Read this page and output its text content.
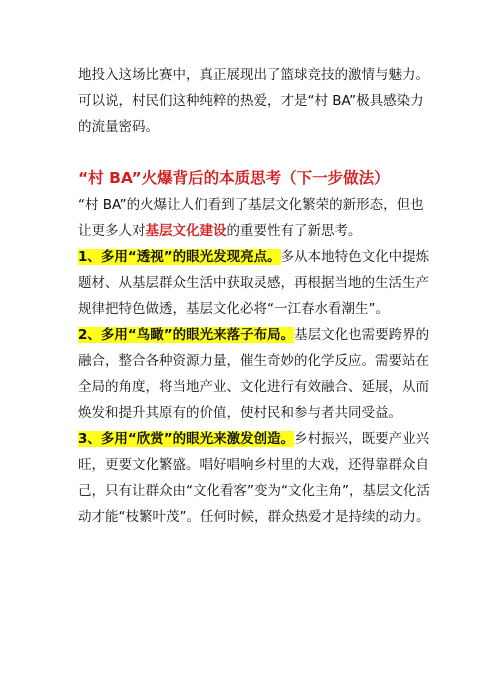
地投入这场比赛中，真正展现出了篮球竞技的激情与魅力。可以说，村民们这种纯粹的热爱，才是“村 BA”极具感染力的流量密码。

“村 BA”火爆背后的本质思考（下一步做法）

“村 BA”的火爆让人们看到了基层文化繁荣的新形态，但也让更多人对基层文化建设的重要性有了新思考。

1、多用“透视”的眼光发现亮点。多从本地特色文化中提炼题材、从基层群众生活中获取灵感，再根据当地的生活生产规律把特色做透，基层文化必将“一江春水看潮生”。

2、多用“鸟瞰”的眼光来落子布局。基层文化也需要跨界的融合，整合各种资源力量，催生奇妙的化学反应。需要站在全局的角度，将当地产业、文化进行有效融合、延展，从而焕发和提升其原有的价值，使村民和参与者共同受益。

3、多用“欣赏”的眼光来激发创造。乡村振兴，既要产业兴旺，更要文化繁盛。唱好唱响乡村里的大戏，还得靠群众自己，只有让群众由“文化看客”变为“文化主角”，基层文化活动才能“枝繁叶茂”。任何时候，群众热爱才是持续的动力。
